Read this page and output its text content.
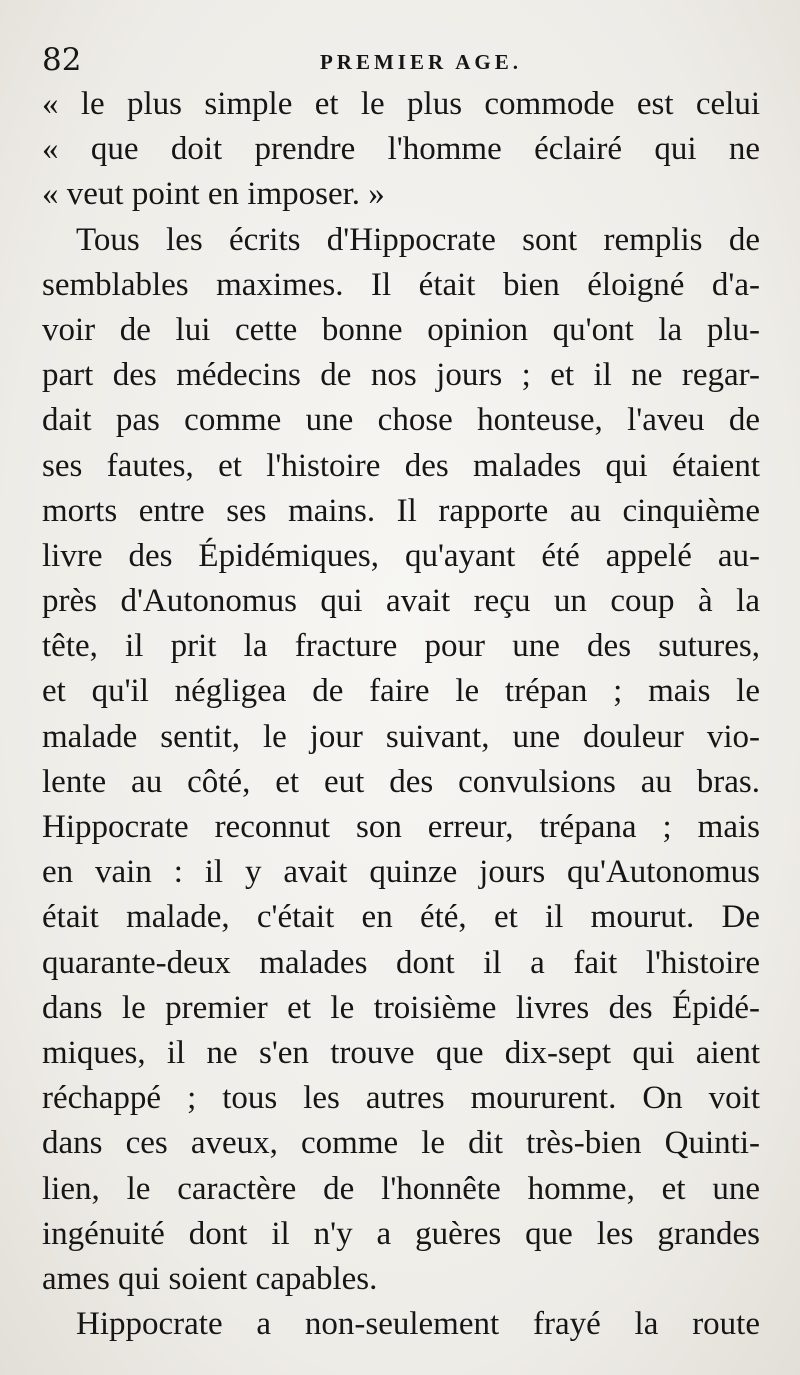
82	PREMIER AGE.
« le plus simple et le plus commode est celui
« que doit prendre l'homme éclairé qui ne
« veut point en imposer. »
Tous les écrits d'Hippocrate sont remplis de
semblables maximes. Il était bien éloigné d'a-
voir de lui cette bonne opinion qu'ont la plu-
part des médecins de nos jours ; et il ne regar-
dait pas comme une chose honteuse, l'aveu de
ses fautes, et l'histoire des malades qui étaient
morts entre ses mains. Il rapporte au cinquième
livre des Épidémiques, qu'ayant été appelé au-
près d'Autonomus qui avait reçu un coup à la
tête, il prit la fracture pour une des sutures,
et qu'il négligea de faire le trépan ; mais le
malade sentit, le jour suivant, une douleur vio-
lente au côté, et eut des convulsions au bras.
Hippocrate reconnut son erreur, trépana ; mais
en vain : il y avait quinze jours qu'Autonomus
était malade, c'était en été, et il mourut. De
quarante-deux malades dont il a fait l'histoire
dans le premier et le troisième livres des Épidé-
miques, il ne s'en trouve que dix-sept qui aient
réchappé ; tous les autres moururent. On voit
dans ces aveux, comme le dit très-bien Quinti-
lien, le caractère de l'honnête homme, et une
ingénuité dont il n'y a guères que les grandes
ames qui soient capables.
Hippocrate a non-seulement frayé la route
